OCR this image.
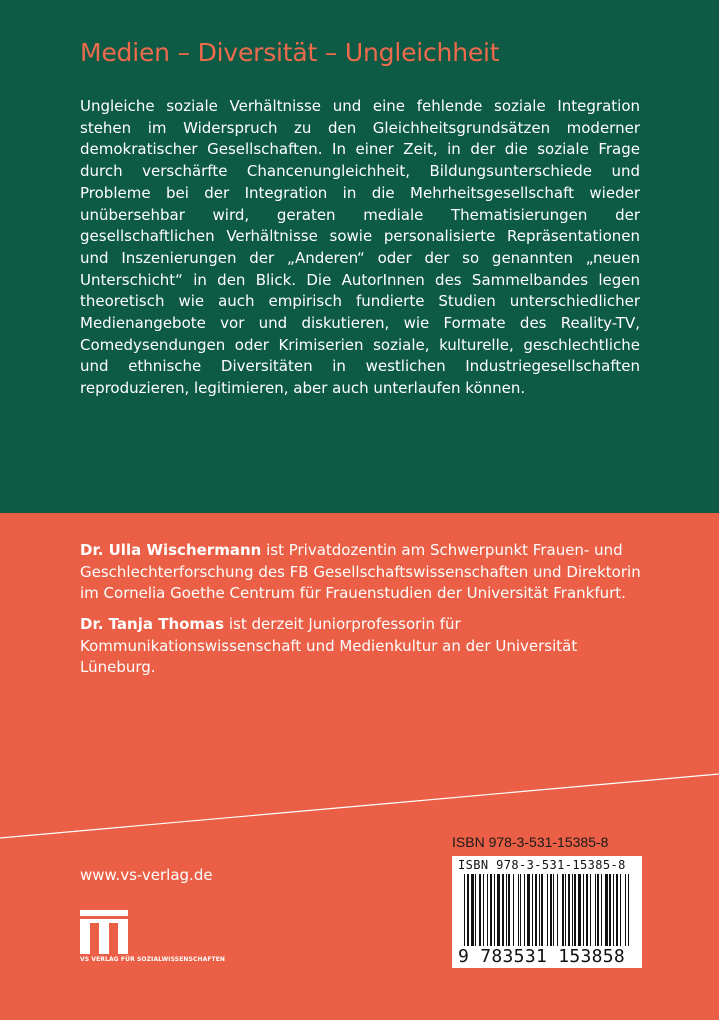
Medien – Diversität – Ungleichheit

Ungleiche soziale Verhältnisse und eine fehlende soziale Integration stehen im Widerspruch zu den Gleichheitsgrundsätzen moderner demokratischer Gesellschaften. In einer Zeit, in der die soziale Frage durch verschärfte Chancenungleichheit, Bildungsunterschiede und Probleme bei der Integration in die Mehrheitsgesellschaft wieder unübersehbar wird, geraten mediale Thematisierungen der gesellschaftlichen Verhältnisse sowie personalisierte Repräsentationen und Inszenierungen der „Anderen“ oder der so genannten „neuen Unterschicht“ in den Blick. Die AutorInnen des Sammelbandes legen theoretisch wie auch empirisch fundierte Studien unterschiedlicher Medienangebote vor und diskutieren, wie Formate des Reality-TV, Comedysendungen oder Krimiserien soziale, kulturelle, geschlechtliche und ethnische Diversitäten in westlichen Industriegesellschaften reproduzieren, legitimieren, aber auch unterlaufen können.

Dr. Ulla Wischermann ist Privatdozentin am Schwerpunkt Frauen- und Geschlechterforschung des FB Gesellschaftswissenschaften und Direktorin im Cornelia Goethe Centrum für Frauenstudien der Universität Frankfurt.

Dr. Tanja Thomas ist derzeit Juniorprofessorin für Kommunikationswissenschaft und Medienkultur an der Universität Lüneburg.

www.vs-verlag.de
VS VERLAG FÜR SOZIALWISSENSCHAFTEN
ISBN 978-3-531-15385-8
ISBN 978-3-531-15385-8
9 783531 153858
